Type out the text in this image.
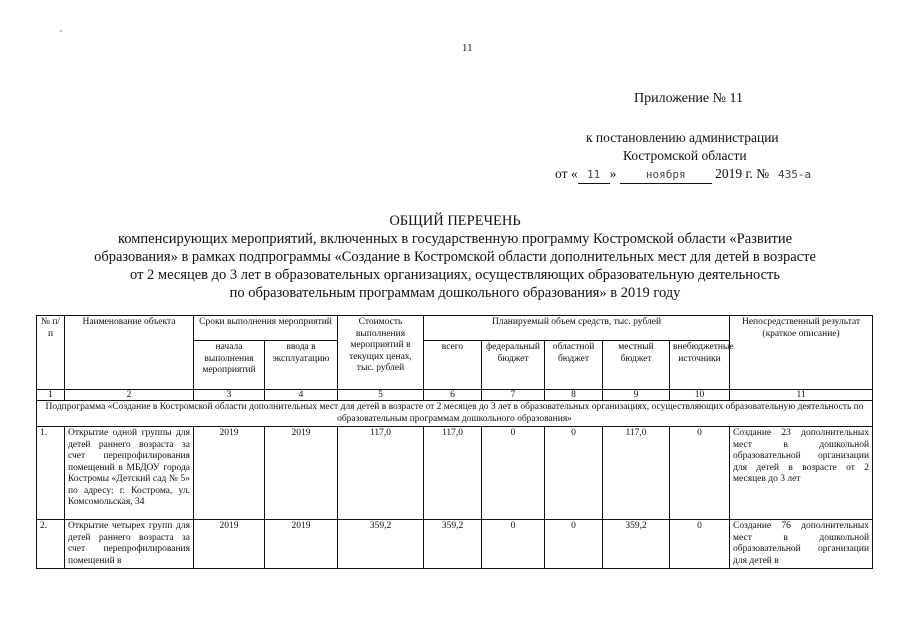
11
Приложение № 11
к постановлению администрации
Костромской области
от « 11 »	ноября 2019 г. № 435-а
ОБЩИЙ ПЕРЕЧЕНЬ
компенсирующих мероприятий, включенных в государственную программу Костромской области «Развитие
образования» в рамках подпрограммы «Создание в Костромской области дополнительных мест для детей в возрасте
от 2 месяцев до 3 лет в образовательных организациях, осуществляющих образовательную деятельность
по образовательным программам дошкольного образования» в 2019 году
№ п/п	Наименование объекта	Сроки выполнения мероприятий		Стоимость выполнения мероприятий в текущих ценах, тыс. рублей	Планируемый объем средств, тыс. рублей					Непосредственный результат (краткое описание)
		начала выполнения мероприятий	ввода в эксплуатацию		всего	федеральный бюджет	областной бюджет	местный бюджет	внебюджетные источники	
1	2	3	4	5	6	7	8	9	10	11
Подпрограмма «Создание в Костромской области дополнительных мест для детей в возрасте от 2 месяцев до 3 лет в образовательных организациях, осуществляющих образовательную деятельность по образовательным программам дошкольного образования»										
1.	Открытие одной группы для детей раннего возраста за счет перепрофилирования помещений в МБДОУ города Костромы «Детский сад № 5» по адресу: г. Кострома, ул. Комсомольская, 34	2019	2019	117,0	117,0	0	0	117,0	0	Создание 23 дополнительных мест в дошкольной образовательной организации для детей в возрасте от 2 месяцев до 3 лет
2.	Открытие четырех групп для детей раннего возраста за счет перепрофилирования помещений в	2019	2019	359,2	359,2	0	0	359,2	0	Создание 76 дополнительных мест в дошкольной образовательной организации для детей в
